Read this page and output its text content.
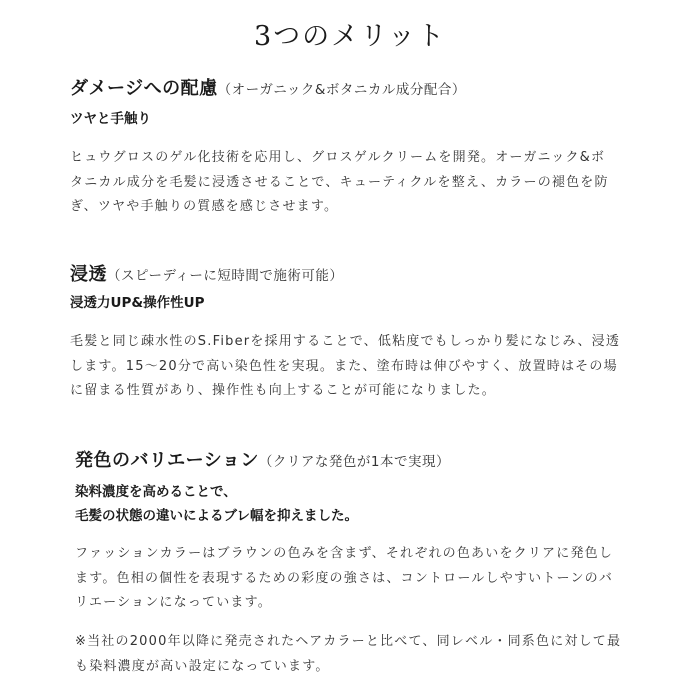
3つのメリット
ダメージへの配慮（オーガニック&ボタニカル成分配合）

ツヤと手触り

ヒュウグロスのゲル化技術を応用し、グロスゲルクリームを開発。オーガニック&ボ
タニカル成分を毛髪に浸透させることで、キューティクルを整え、カラーの褪色を防
ぎ、ツヤや手触りの質感を感じさせます。

浸透（スピーディーに短時間で施術可能）

浸透力UP&操作性UP

毛髪と同じ疎水性のS.Fiberを採用することで、低粘度でもしっかり髪になじみ、浸透
します。15〜20分で高い染色性を実現。また、塗布時は伸びやすく、放置時はその場
に留まる性質があり、操作性も向上することが可能になりました。

発色のバリエーション（クリアな発色が1本で実現）

染料濃度を高めることで、
毛髪の状態の違いによるブレ幅を抑えました。

ファッションカラーはブラウンの色みを含まず、それぞれの色あいをクリアに発色し
ます。色相の個性を表現するための彩度の強さは、コントロールしやすいトーンのバ
リエーションになっています。

※当社の2000年以降に発売されたヘアカラーと比べて、同レベル・同系色に対して最
も染料濃度が高い設定になっています。
